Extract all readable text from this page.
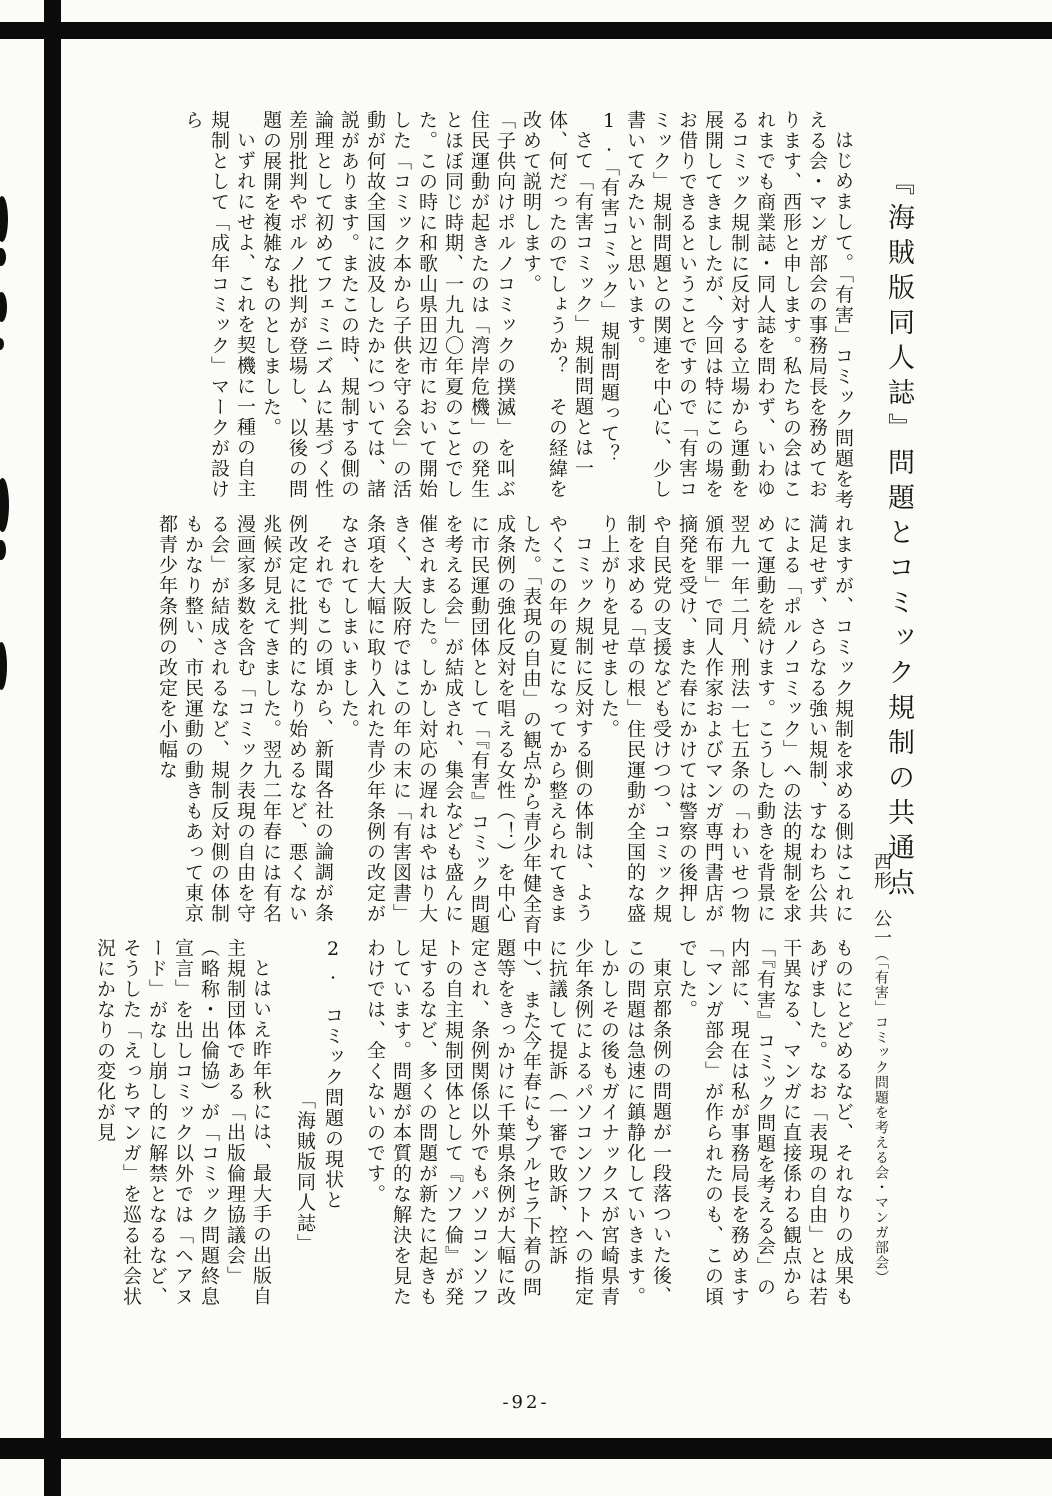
『海賊版同人誌』問題とコミック規制の共通点
西形　公一（「有害」コミック問題を考える会・マンガ部会）

はじめまして。「有害」コミック問題を考える会・マンガ部会の事務局長を務めております、西形と申します。私たちの会はこれまでも商業誌・同人誌を問わず、いわゆるコミック規制に反対する立場から運動を展開してきましたが、今回は特にこの場をお借りできるということですので「有害コミック」規制問題との関連を中心に、少し書いてみたいと思います。

1.「有害コミック」規制問題って？

さて「有害コミック」規制問題とは一体、何だったのでしょうか？　その経緯を改めて説明します。

「子供向けポルノコミックの撲滅」を叫ぶ住民運動が起きたのは「湾岸危機」の発生とほぼ同じ時期、一九九〇年夏のことでした。この時に和歌山県田辺市において開始した「コミック本から子供を守る会」の活動が何故全国に波及したかについては、諸説があります。またこの時、規制する側の論理として初めてフェミニズムに基づく性差別批判やポルノ批判が登場し、以後の問題の展開を複雑なものとしました。

いずれにせよ、これを契機に一種の自主規制として「成年コミック」マークが設けら

れますが、コミック規制を求める側はこれに満足せず、さらなる強い規制、すなわち公共による「ポルノコミック」への法的規制を求めて運動を続けます。こうした動きを背景に翌九一年二月、刑法一七五条の「わいせつ物頒布罪」で同人作家およびマンガ専門書店が摘発を受け、また春にかけては警察の後押しや自民党の支援なども受けつつ、コミック規制を求める「草の根」住民運動が全国的な盛り上がりを見せました。

コミック規制に反対する側の体制は、ようやくこの年の夏になってから整えられてきました。「表現の自由」の観点から青少年健全育成条例の強化反対を唱える女性（！）を中心に市民運動団体として「『有害』コミック問題を考える会」が結成され、集会なども盛んに催されました。しかし対応の遅れはやはり大きく、大阪府ではこの年の末に「有害図書」条項を大幅に取り入れた青少年条例の改定がなされてしまいました。

それでもこの頃から、新聞各社の論調が条例改定に批判的になり始めるなど、悪くない兆候が見えてきました。翌九二年春には有名漫画家多数を含む「コミック表現の自由を守る会」が結成されるなど、規制反対側の体制もかなり整い、市民運動の動きもあって東京都青少年条例の改定を小幅な

ものにとどめるなど、それなりの成果もあげました。なお「表現の自由」とは若干異なる、マンガに直接係わる観点から「『有害』コミック問題を考える会」の内部に、現在は私が事務局長を務めます「マンガ部会」が作られたのも、この頃でした。

東京都条例の問題が一段落ついた後、この問題は急速に鎮静化していきます。しかしその後もガイナックスが宮崎県青少年条例によるパソコンソフトへの指定に抗議して提訴（一審で敗訴、控訴中）、また今年春にもブルセラ下着の問題等をきっかけに千葉県条例が大幅に改定され、条例関係以外でもパソコンソフトの自主規制団体として『ソフ倫』が発足するなど、多くの問題が新たに起きもしています。問題が本質的な解決を見たわけでは、全くないのです。

2.　コミック問題の現状と
「海賊版同人誌」

とはいえ昨年秋には、最大手の出版自主規制団体である「出版倫理協議会」（略称・出倫協）が「コミック問題終息宣言」を出しコミック以外では「ヘアヌード」がなし崩し的に解禁となるなど、そうした「えっちマンガ」を巡る社会状況にかなりの変化が見

-92-
